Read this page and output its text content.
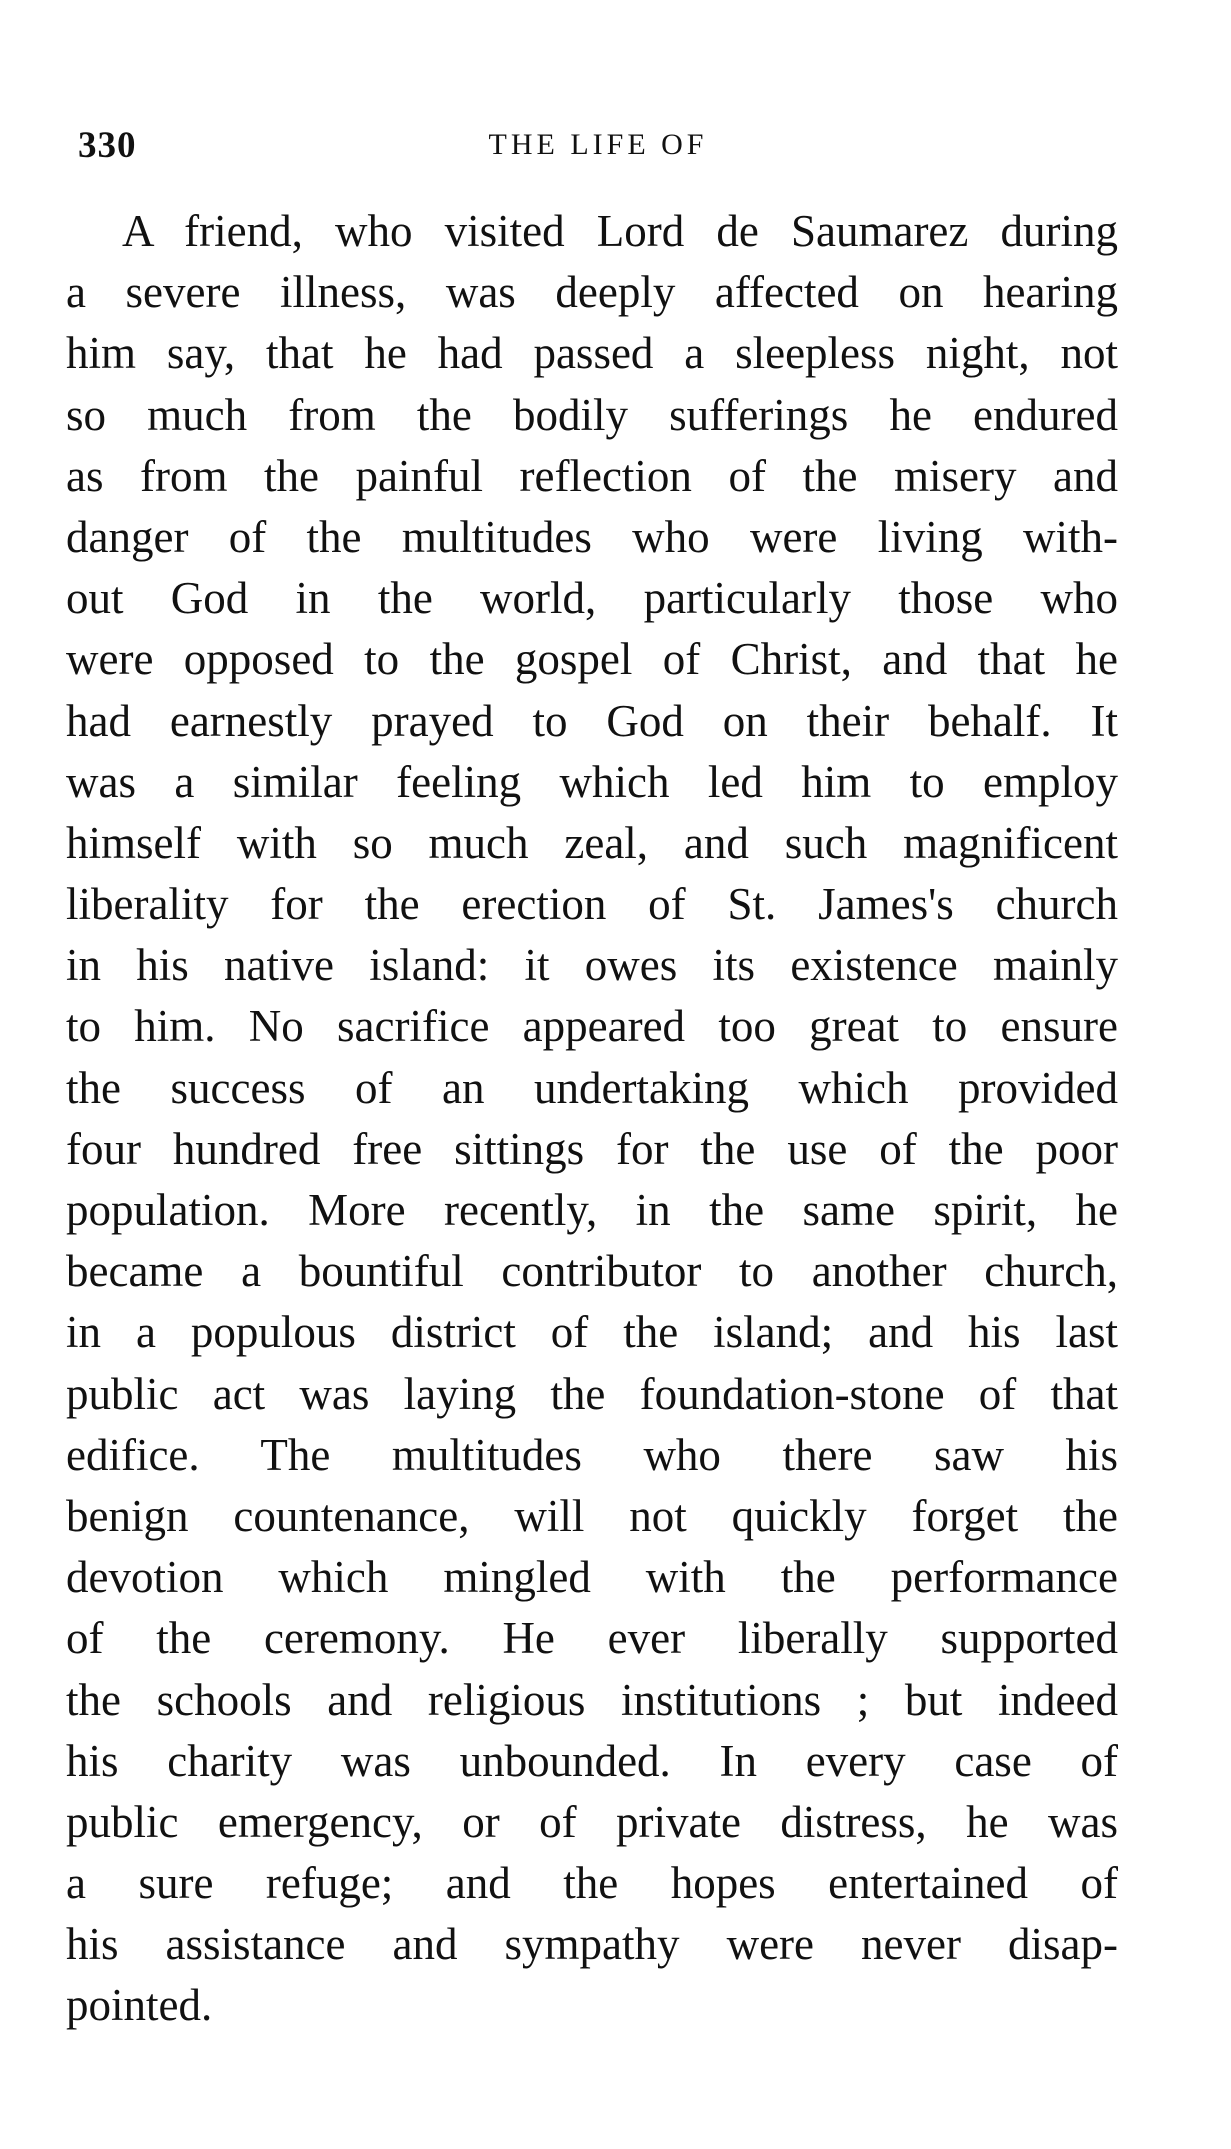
330	THE LIFE OF
A friend, who visited Lord de Saumarez during
a severe illness, was deeply affected on hearing
him say, that he had passed a sleepless night, not
so much from the bodily sufferings he endured
as from the painful reflection of the misery and
danger of the multitudes who were living with-
out God in the world, particularly those who
were opposed to the gospel of Christ, and that he
had earnestly prayed to God on their behalf. It
was a similar feeling which led him to employ
himself with so much zeal, and such magnificent
liberality for the erection of St. James's church
in his native island: it owes its existence mainly
to him. No sacrifice appeared too great to ensure
the success of an undertaking which provided
four hundred free sittings for the use of the poor
population. More recently, in the same spirit, he
became a bountiful contributor to another church,
in a populous district of the island; and his last
public act was laying the foundation-stone of that
edifice. The multitudes who there saw his
benign countenance, will not quickly forget the
devotion which mingled with the performance
of the ceremony. He ever liberally supported
the schools and religious institutions ; but indeed
his charity was unbounded. In every case of
public emergency, or of private distress, he was
a sure refuge; and the hopes entertained of
his assistance and sympathy were never disap-
pointed.
